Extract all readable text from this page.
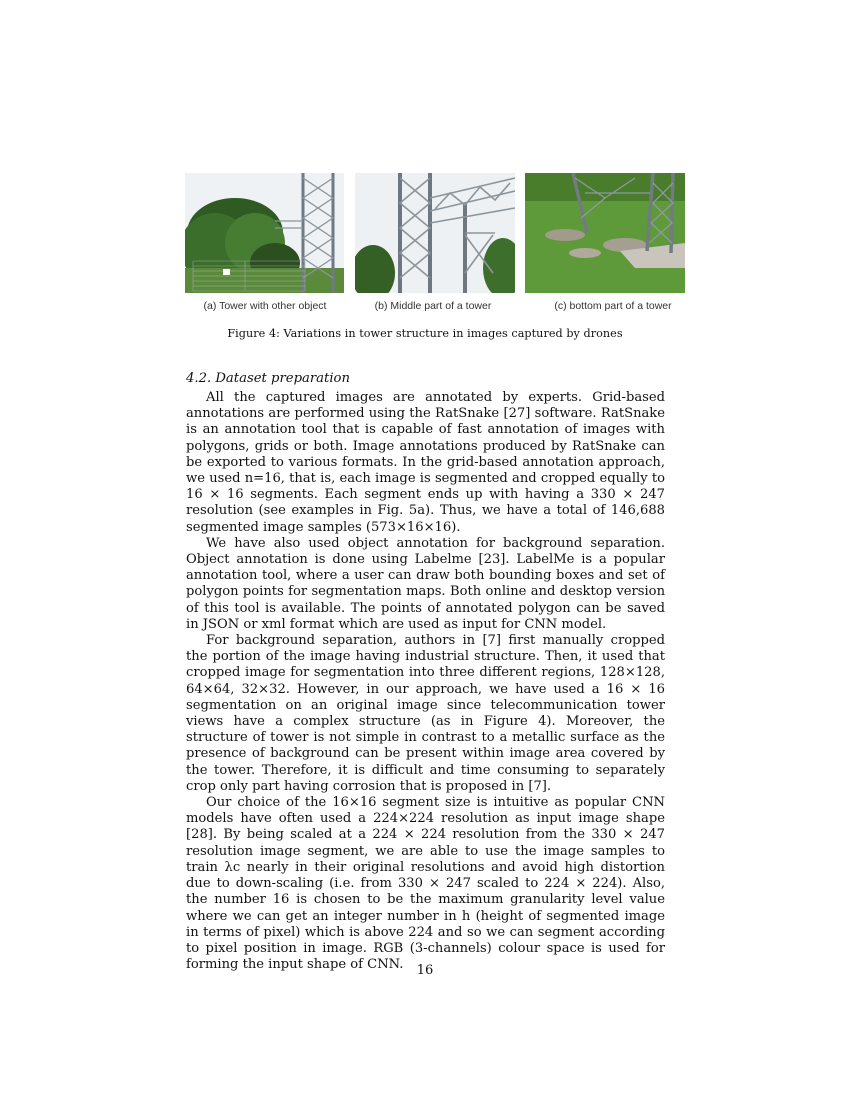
(a) Tower with other object	(b) Middle part of a tower	(c) bottom part of a tower
Figure 4: Variations in tower structure in images captured by drones
4.2. Dataset preparation

All the captured images are annotated by experts. Grid-based annotations are performed using the RatSnake [27] software. RatSnake is an annotation tool that is capable of fast annotation of images with polygons, grids or both. Image annotations produced by RatSnake can be exported to various formats. In the grid-based annotation approach, we used n=16, that is, each image is segmented and cropped equally to 16 × 16 segments. Each segment ends up with having a 330 × 247 resolution (see examples in Fig. 5a). Thus, we have a total of 146,688 segmented image samples (573×16×16).

We have also used object annotation for background separation. Object annotation is done using Labelme [23]. LabelMe is a popular annotation tool, where a user can draw both bounding boxes and set of polygon points for segmentation maps. Both online and desktop version of this tool is available. The points of annotated polygon can be saved in JSON or xml format which are used as input for CNN model.

For background separation, authors in [7] first manually cropped the portion of the image having industrial structure. Then, it used that cropped image for segmentation into three different regions, 128×128, 64×64, 32×32. However, in our approach, we have used a 16 × 16 segmentation on an original image since telecommunication tower views have a complex structure (as in Figure 4). Moreover, the structure of tower is not simple in contrast to a metallic surface as the presence of background can be present within image area covered by the tower. Therefore, it is difficult and time consuming to separately crop only part having corrosion that is proposed in [7].

Our choice of the 16×16 segment size is intuitive as popular CNN models have often used a 224×224 resolution as input image shape [28]. By being scaled at a 224 × 224 resolution from the 330 × 247 resolution image segment, we are able to use the image samples to train λc nearly in their original resolutions and avoid high distortion due to down-scaling (i.e. from 330 × 247 scaled to 224 × 224). Also, the number 16 is chosen to be the maximum granularity level value where we can get an integer number in h (height of segmented image in terms of pixel) which is above 224 and so we can segment according to pixel position in image. RGB (3-channels) colour space is used for forming the input shape of CNN.	16
